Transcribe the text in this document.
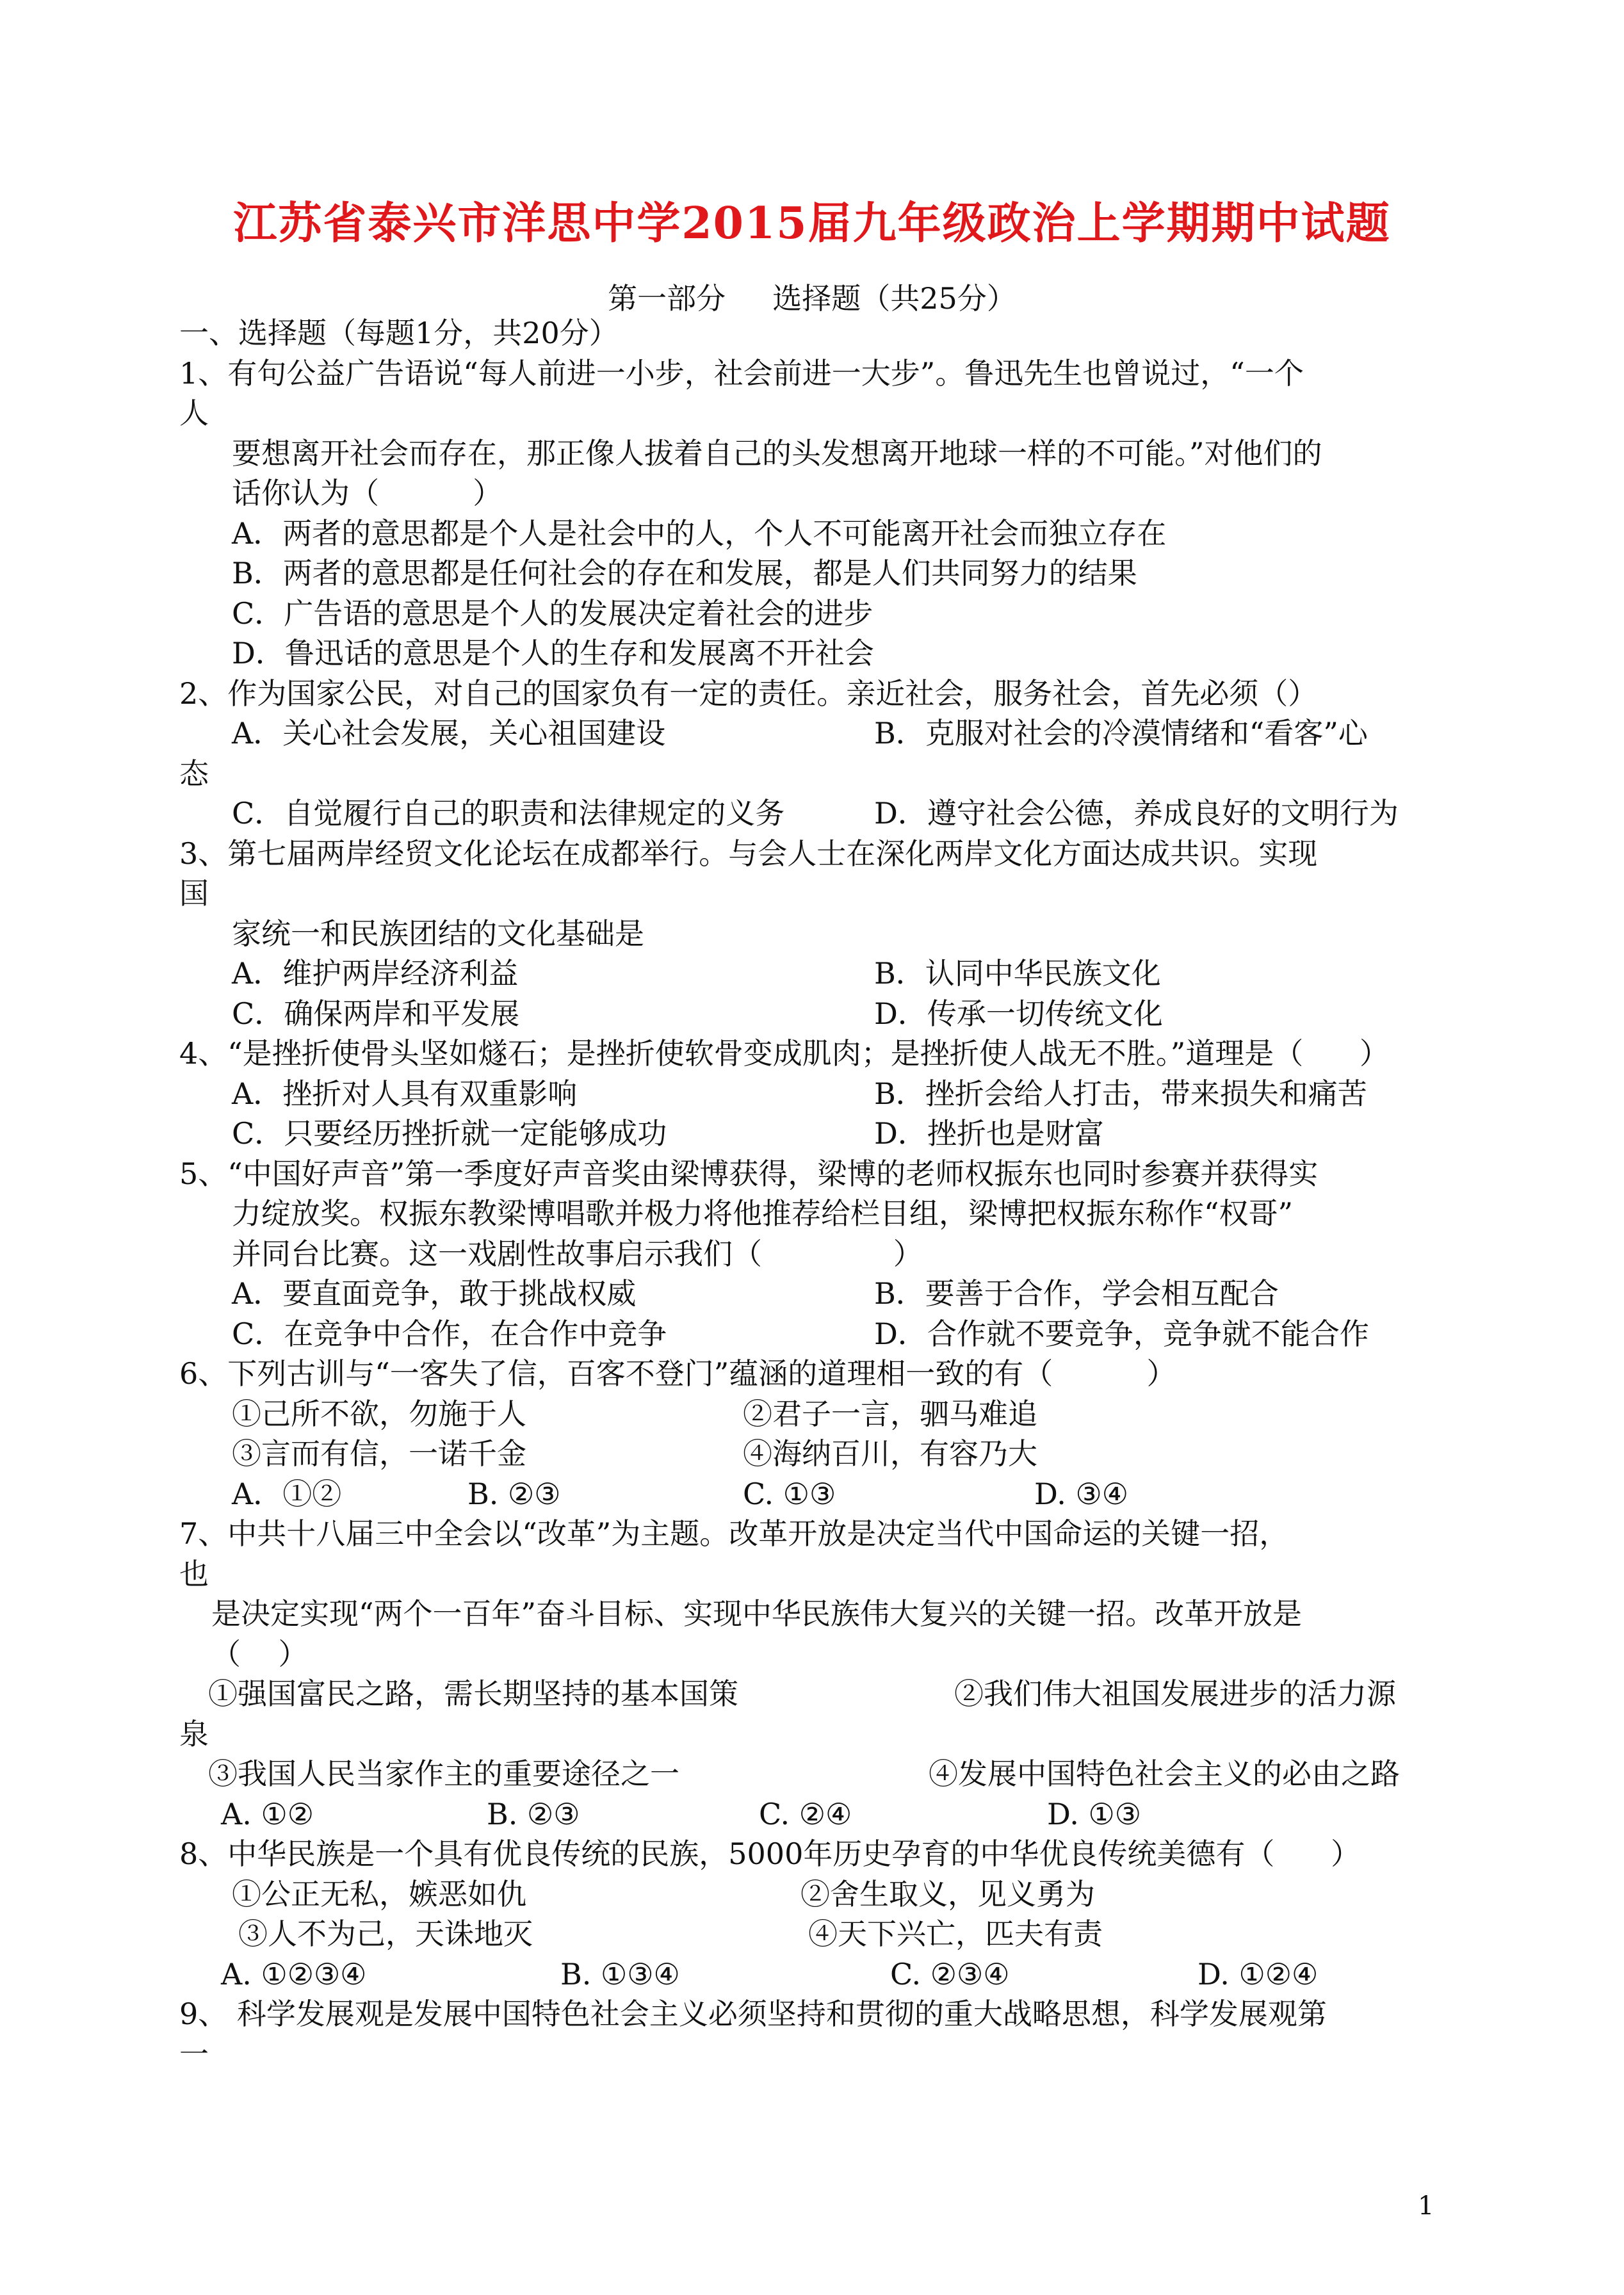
江苏省泰兴市洋思中学2015届九年级政治上学期期中试题
第一部分     选择题（共25分）
一、选择题（每题1分，共20分）
1、有句公益广告语说“每人前进一小步，社会前进一大步”。鲁迅先生也曾说过，“一个
人
要想离开社会而存在，那正像人拔着自己的头发想离开地球一样的不可能。”对他们的
话你认为（          ）
A．两者的意思都是个人是社会中的人，个人不可能离开社会而独立存在
B．两者的意思都是任何社会的存在和发展，都是人们共同努力的结果
C．广告语的意思是个人的发展决定着社会的进步
D．鲁迅话的意思是个人的生存和发展离不开社会
2、作为国家公民，对自己的国家负有一定的责任。亲近社会，服务社会，首先必须（）
A．关心社会发展，关心祖国建设	B．克服对社会的冷漠情绪和“看客”心
态
C．自觉履行自己的职责和法律规定的义务	D．遵守社会公德，养成良好的文明行为
3、第七届两岸经贸文化论坛在成都举行。与会人士在深化两岸文化方面达成共识。实现
国
家统一和民族团结的文化基础是
A．维护两岸经济利益	B．认同中华民族文化
C．确保两岸和平发展	D．传承一切传统文化
4、“是挫折使骨头坚如燧石；是挫折使软骨变成肌肉；是挫折使人战无不胜。”道理是（      ）
A．挫折对人具有双重影响	B．挫折会给人打击，带来损失和痛苦
C．只要经历挫折就一定能够成功	D．挫折也是财富
5、“中国好声音”第一季度好声音奖由梁博获得，梁博的老师权振东也同时参赛并获得实
力绽放奖。权振东教梁博唱歌并极力将他推荐给栏目组，梁博把权振东称作“权哥”
并同台比赛。这一戏剧性故事启示我们（              ）
A．要直面竞争，敢于挑战权威	B．要善于合作，学会相互配合
C．在竞争中合作，在合作中竞争	D．合作就不要竞争，竞争就不能合作
6、下列古训与“一客失了信，百客不登门”蕴涵的道理相一致的有（          ）
①己所不欲，勿施于人	②君子一言，驷马难追
③言而有信，一诺千金	④海纳百川，有容乃大
A．①②	B. ②③	C. ①③	D. ③④
7、中共十八届三中全会以“改革”为主题。改革开放是决定当代中国命运的关键一招，
也
是决定实现“两个一百年”奋斗目标、实现中华民族伟大复兴的关键一招。改革开放是
（    ）
①强国富民之路，需长期坚持的基本国策	②我们伟大祖国发展进步的活力源
泉
③我国人民当家作主的重要途径之一	④发展中国特色社会主义的必由之路
A. ①②	B. ②③	C. ②④	D. ①③
8、中华民族是一个具有优良传统的民族，5000年历史孕育的中华优良传统美德有（      ）
①公正无私，嫉恶如仇	②舍生取义，见义勇为
③人不为己，天诛地灭	④天下兴亡，匹夫有责
A. ①②③④	B. ①③④	C. ②③④	D. ①②④
9、 科学发展观是发展中国特色社会主义必须坚持和贯彻的重大战略思想，科学发展观第
一
1
